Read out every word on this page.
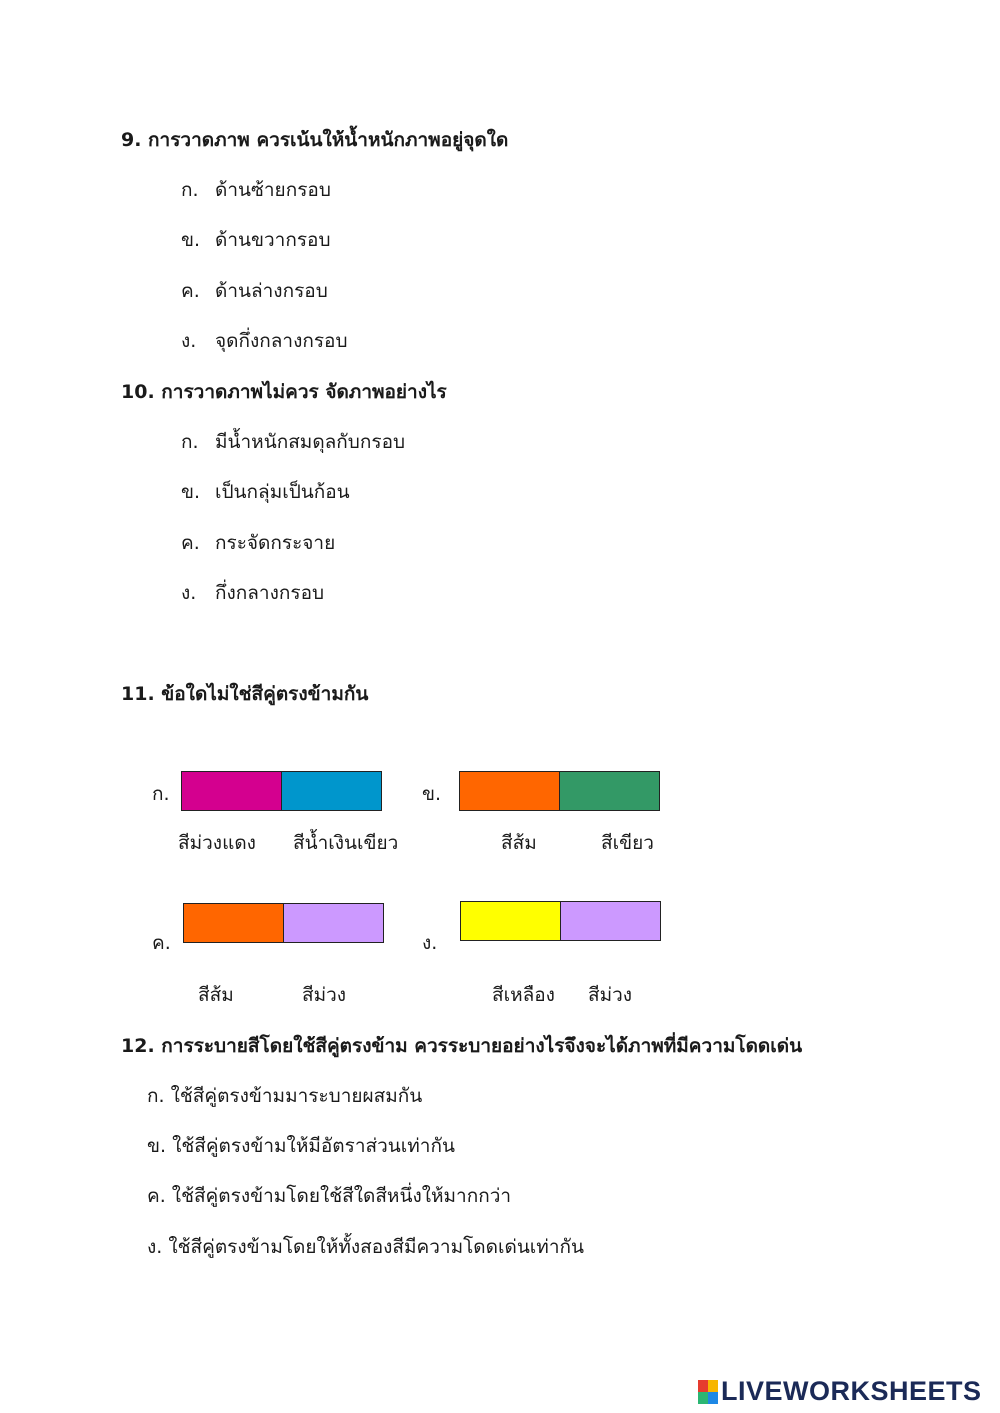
9. การวาดภาพ ควรเน้นให้น้ำหนักภาพอยู่จุดใด
ก. ด้านซ้ายกรอบ
ข. ด้านขวากรอบ
ค. ด้านล่างกรอบ
ง. จุดกึ่งกลางกรอบ
10. การวาดภาพไม่ควร จัดภาพอย่างไร
ก. มีน้ำหนักสมดุลกับกรอบ
ข. เป็นกลุ่มเป็นก้อน
ค. กระจัดกระจาย
ง. กึ่งกลางกรอบ
11. ข้อใดไม่ใช่สีคู่ตรงข้ามกัน
ก.
สีม่วงแดง สีน้ำเงินเขียว
ข.
สีส้ม	สีเขียว
ค.
สีส้ม	สีม่วง
ง.
สีเหลือง สีม่วง
12. การระบายสีโดยใช้สีคู่ตรงข้าม ควรระบายอย่างไรจึงจะได้ภาพที่มีความโดดเด่น
ก. ใช้สีคู่ตรงข้ามมาระบายผสมกัน
ข. ใช้สีคู่ตรงข้ามให้มีอัตราส่วนเท่ากัน
ค. ใช้สีคู่ตรงข้ามโดยใช้สีใดสีหนึ่งให้มากกว่า
ง. ใช้สีคู่ตรงข้ามโดยให้ทั้งสองสีมีความโดดเด่นเท่ากัน
LIVEWORKSHEETS
